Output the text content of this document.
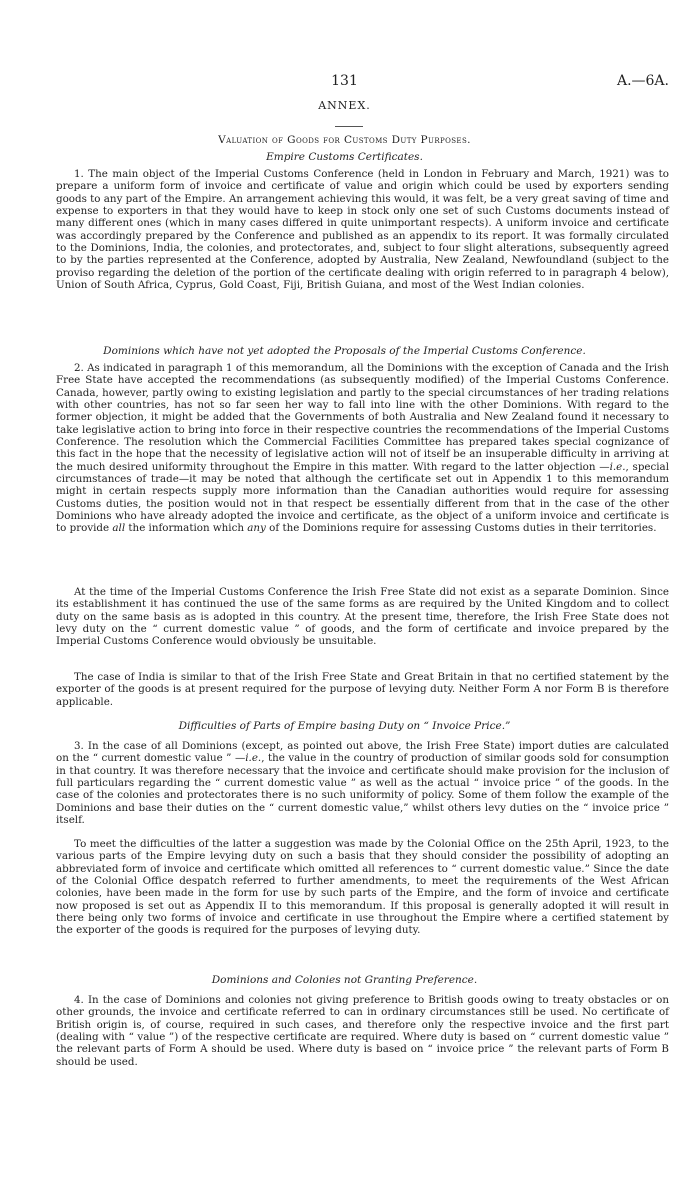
131	A.—6A.
ANNEX.
Valuation of Goods for Customs Duty Purposes.
Empire Customs Certificates.

1. The main object of the Imperial Customs Conference (held in London in February and March, 1921) was to prepare a uniform form of invoice and certificate of value and origin which could be used by exporters sending goods to any part of the Empire. An arrangement achieving this would, it was felt, be a very great saving of time and expense to exporters in that they would have to keep in stock only one set of such Customs documents instead of many different ones (which in many cases differed in quite unimportant respects). A uniform invoice and certificate was accordingly prepared by the Conference and published as an appendix to its report. It was formally circulated to the Dominions, India, the colonies, and protectorates, and, subject to four slight alterations, subsequently agreed to by the parties represented at the Conference, adopted by Australia, New Zealand, Newfoundland (subject to the proviso regarding the deletion of the portion of the certificate dealing with origin referred to in paragraph 4 below), Union of South Africa, Cyprus, Gold Coast, Fiji, British Guiana, and most of the West Indian colonies.

Dominions which have not yet adopted the Proposals of the Imperial Customs Conference.

2. As indicated in paragraph 1 of this memorandum, all the Dominions with the exception of Canada and the Irish Free State have accepted the recommendations (as subsequently modified) of the Imperial Customs Conference. Canada, however, partly owing to existing legislation and partly to the special circumstances of her trading relations with other countries, has not so far seen her way to fall into line with the other Dominions. With regard to the former objection, it might be added that the Governments of both Australia and New Zealand found it necessary to take legislative action to bring into force in their respective countries the recommendations of the Imperial Customs Conference. The resolution which the Commercial Facilities Committee has prepared takes special cognizance of this fact in the hope that the necessity of legislative action will not of itself be an insuperable difficulty in arriving at the much desired uniformity throughout the Empire in this matter. With regard to the latter objection —i.e., special circumstances of trade—it may be noted that although the certificate set out in Appendix 1 to this memorandum might in certain respects supply more information than the Canadian authorities would require for assessing Customs duties, the position would not in that respect be essentially different from that in the case of the other Dominions who have already adopted the invoice and certificate, as the object of a uniform invoice and certificate is to provide all the information which any of the Dominions require for assessing Customs duties in their territories.

At the time of the Imperial Customs Conference the Irish Free State did not exist as a separate Dominion. Since its establishment it has continued the use of the same forms as are required by the United Kingdom and to collect duty on the same basis as is adopted in this country. At the present time, therefore, the Irish Free State does not levy duty on the “ current domestic value ” of goods, and the form of certificate and invoice prepared by the Imperial Customs Conference would obviously be unsuitable.

The case of India is similar to that of the Irish Free State and Great Britain in that no certified statement by the exporter of the goods is at present required for the purpose of levying duty. Neither Form A nor Form B is therefore applicable.

Difficulties of Parts of Empire basing Duty on “ Invoice Price.”

3. In the case of all Dominions (except, as pointed out above, the Irish Free State) import duties are calculated on the “ current domestic value ” —i.e., the value in the country of production of similar goods sold for consumption in that country. It was therefore necessary that the invoice and certificate should make provision for the inclusion of full particulars regarding the “ current domestic value ” as well as the actual “ invoice price ” of the goods. In the case of the colonies and protectorates there is no such uniformity of policy. Some of them follow the example of the Dominions and base their duties on the “ current domestic value,” whilst others levy duties on the “ invoice price ” itself.

To meet the difficulties of the latter a suggestion was made by the Colonial Office on the 25th April, 1923, to the various parts of the Empire levying duty on such a basis that they should consider the possibility of adopting an abbreviated form of invoice and certificate which omitted all references to “ current domestic value.” Since the date of the Colonial Office despatch referred to further amendments, to meet the requirements of the West African colonies, have been made in the form for use by such parts of the Empire, and the form of invoice and certificate now proposed is set out as Appendix II to this memorandum. If this proposal is generally adopted it will result in there being only two forms of invoice and certificate in use throughout the Empire where a certified statement by the exporter of the goods is required for the purposes of levying duty.

Dominions and Colonies not Granting Preference.

4. In the case of Dominions and colonies not giving preference to British goods owing to treaty obstacles or on other grounds, the invoice and certificate referred to can in ordinary circumstances still be used. No certificate of British origin is, of course, required in such cases, and therefore only the respective invoice and the first part (dealing with “ value ”) of the respective certificate are required. Where duty is based on “ current domestic value ” the relevant parts of Form A should be used. Where duty is based on “ invoice price ” the relevant parts of Form B should be used.
